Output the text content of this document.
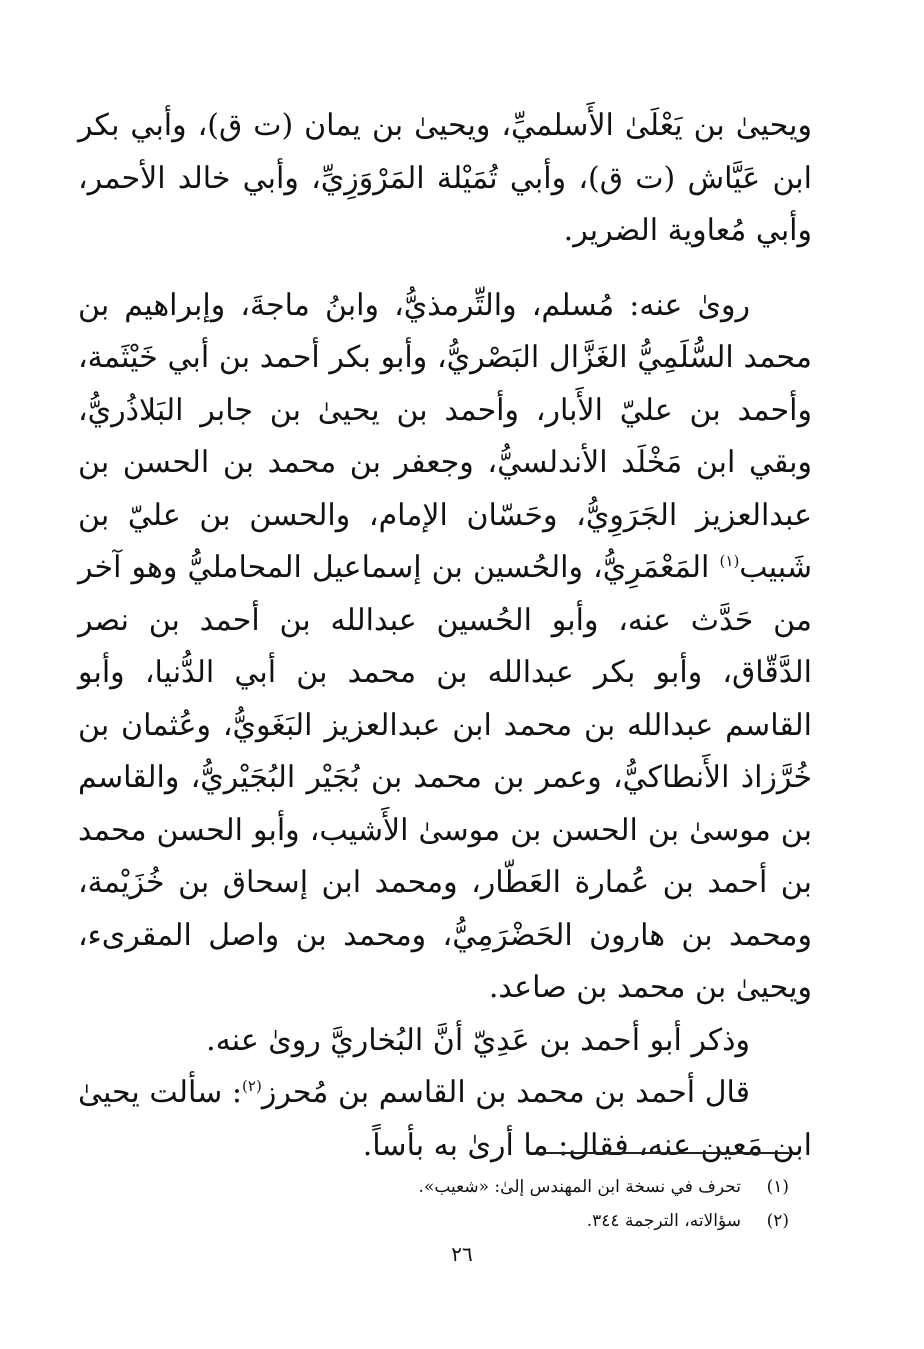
ويحيىٰ بن يَعْلَىٰ الأَسلميِّ، ويحيىٰ بن يمان (ت ق)، وأبي بكر ابن عَيَّاش (ت ق)، وأبي تُمَيْلة المَرْوَزِيِّ، وأبي خالد الأحمر، وأبي مُعاوية الضرير.

روىٰ عنه: مُسلم، والتِّرمذيُّ، وابنُ ماجةَ، وإبراهيم بن محمد السُّلَمِيُّ الغَزَّال البَصْريُّ، وأبو بكر أحمد بن أبي خَيْثَمة، وأحمد بن عليّ الأَبار، وأحمد بن يحيىٰ بن جابر البَلاذُريُّ، وبقي ابن مَخْلَد الأندلسيُّ، وجعفر بن محمد بن الحسن بن عبدالعزيز الجَرَوِيُّ، وحَسّان الإمام، والحسن بن عليّ بن شَبيب$^{(١)}$ المَعْمَرِيُّ، والحُسين بن إسماعيل المحامليُّ وهو آخر من حَدَّث عنه، وأبو الحُسين عبدالله بن أحمد بن نصر الدَّقّاق، وأبو بكر عبدالله بن محمد بن أبي الدُّنيا، وأبو القاسم عبدالله بن محمد ابن عبدالعزيز البَغَويُّ، وعُثمان بن خُرَّزاذ الأَنطاكيُّ، وعمر بن محمد بن بُجَيْر البُجَيْريُّ، والقاسم بن موسىٰ بن الحسن بن موسىٰ الأَشيب، وأبو الحسن محمد بن أحمد بن عُمارة العَطّار، ومحمد ابن إسحاق بن خُزَيْمة، ومحمد بن هارون الحَضْرَمِيُّ، ومحمد بن واصل المقرىء، ويحيىٰ بن محمد بن صاعد.

وذكر أبو أحمد بن عَدِيّ أنَّ البُخاريَّ روىٰ عنه.

قال أحمد بن محمد بن القاسم بن مُحرز$^{(٢)}$: سألت يحيىٰ ابن مَعين عنه، فقال: ما أرىٰ به بأساً.

(١)
تحرف في نسخة ابن المهندس إلىٰ: «شعيب».
(٢)
سؤالاته، الترجمة ٣٤٤.
٢٦
